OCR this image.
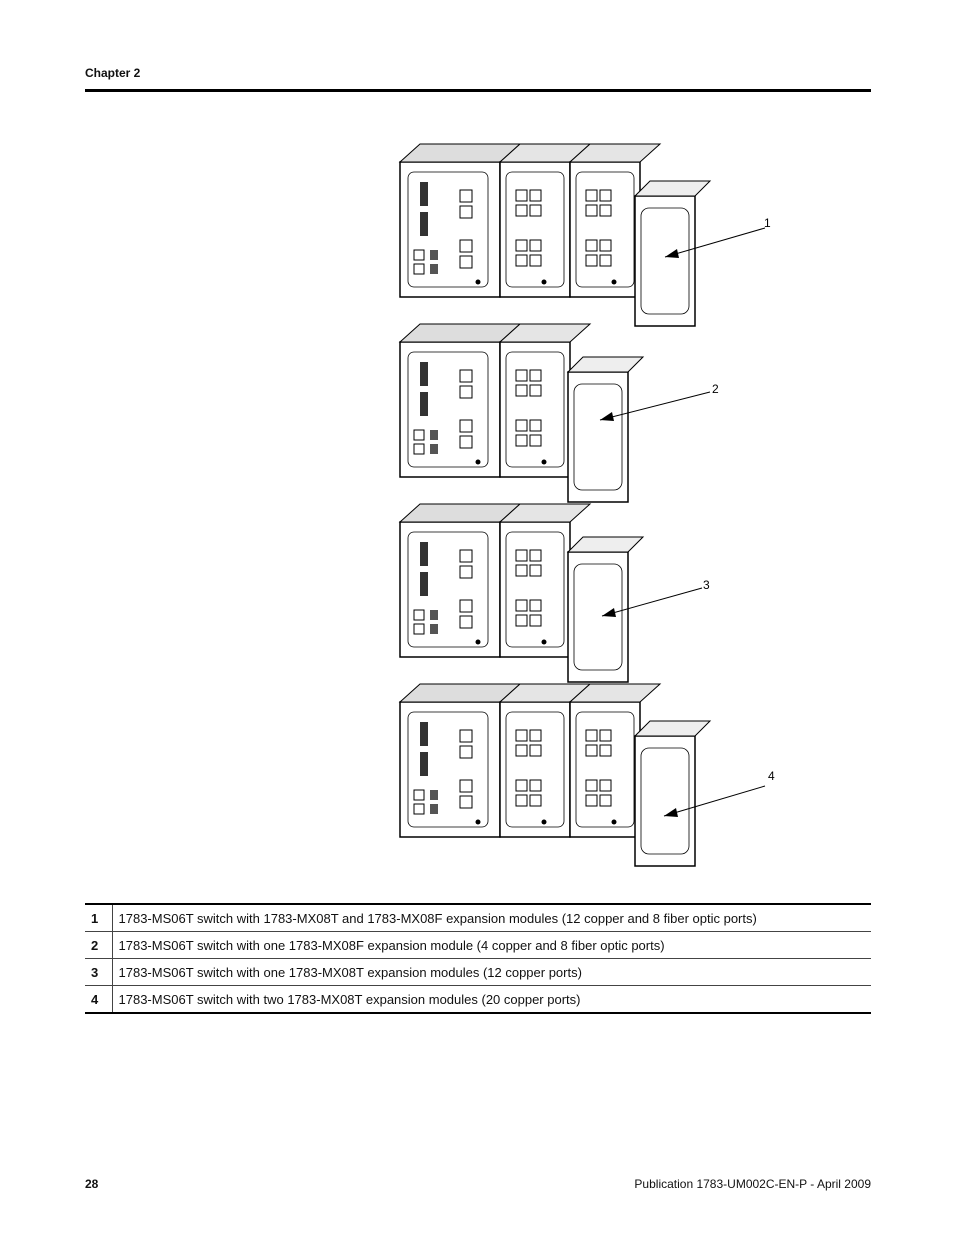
Chapter 2
1
2
3
4
1	1783-MS06T switch with 1783-MX08T and 1783-MX08F expansion modules (12 copper and 8 fiber optic ports)
2	1783-MS06T switch with one 1783-MX08F expansion module (4 copper and 8 fiber optic ports)
3	1783-MS06T switch with one 1783-MX08T expansion modules (12 copper ports)
4	1783-MS06T switch with two 1783-MX08T expansion modules (20 copper ports)
28	Publication 1783-UM002C-EN-P - April 2009
